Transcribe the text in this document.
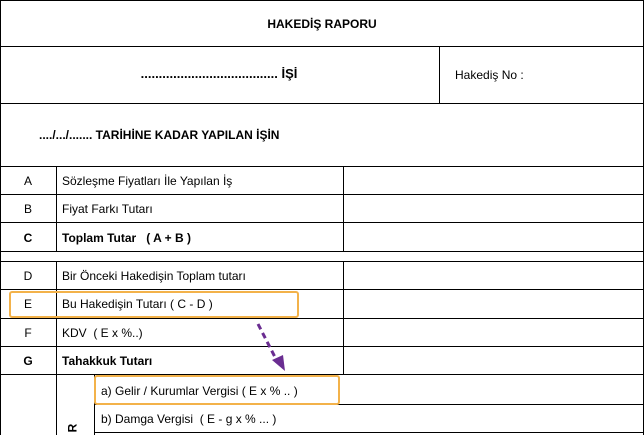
HAKEDİŞ RAPORU
...................................... İŞİ	Hakediş No :
..../.../....... TARİHİNE KADAR YAPILAN İŞİN
A Sözleşme Fiyatları İle Yapılan İş
B Fiyat Farkı Tutarı
C Toplam Tutar   ( A + B )
D Bir Önceki Hakedişin Toplam tutarı
E Bu Hakedişin Tutarı ( C - D )
F	KDV  ( E x %..)
G Tahakkuk Tutarı
a) Gelir / Kurumlar Vergisi ( E x % .. )
b) Damga Vergisi  ( E - g x % ... )
R
